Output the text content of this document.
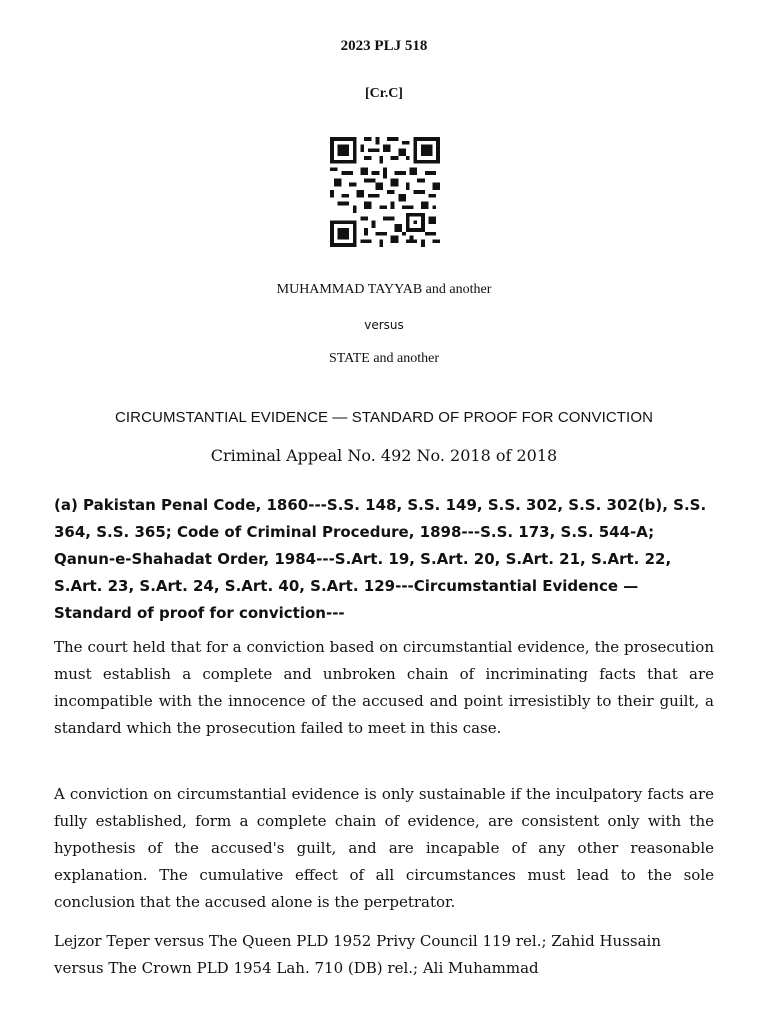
2023 PLJ 518
[Cr.C]
MUHAMMAD TAYYAB and another
versus
STATE and another
CIRCUMSTANTIAL EVIDENCE — STANDARD OF PROOF FOR CONVICTION
Criminal Appeal No. 492 No. 2018 of 2018

(a) Pakistan Penal Code, 1860---S.S. 148, S.S. 149, S.S. 302, S.S. 302(b), S.S. 364, S.S. 365; Code of Criminal Procedure, 1898---S.S. 173, S.S. 544-A; Qanun-e-Shahadat Order, 1984---S.Art. 19, S.Art. 20, S.Art. 21, S.Art. 22, S.Art. 23, S.Art. 24, S.Art. 40, S.Art. 129---Circumstantial Evidence — Standard of proof for conviction---

The court held that for a conviction based on circumstantial evidence, the prosecution must establish a complete and unbroken chain of incriminating facts that are incompatible with the innocence of the accused and point irresistibly to their guilt, a standard which the prosecution failed to meet in this case.

A conviction on circumstantial evidence is only sustainable if the inculpatory facts are fully established, form a complete chain of evidence, are consistent only with the hypothesis of the accused's guilt, and are incapable of any other reasonable explanation. The cumulative effect of all circumstances must lead to the sole conclusion that the accused alone is the perpetrator.

Lejzor Teper versus The Queen PLD 1952 Privy Council 119 rel.; Zahid Hussain versus The Crown PLD 1954 Lah. 710 (DB) rel.; Ali Muhammad
